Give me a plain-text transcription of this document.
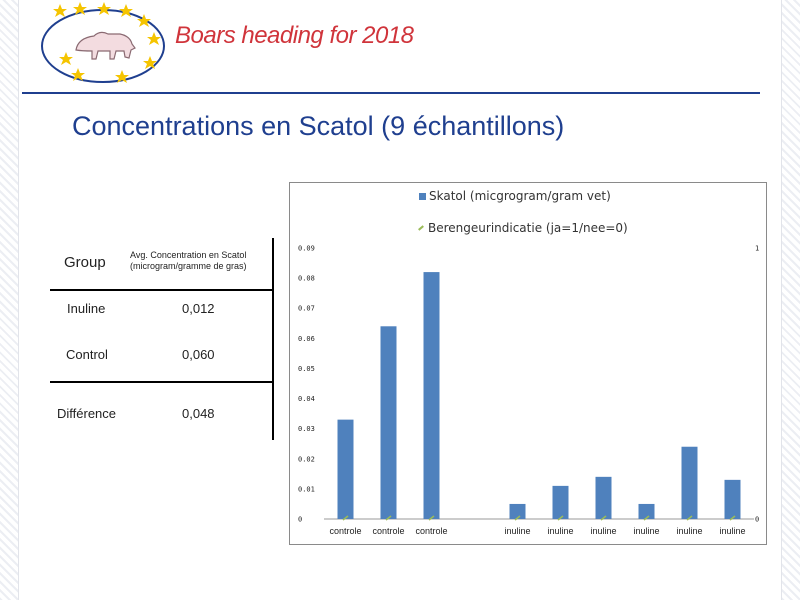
Boars heading for 2018
Concentrations en Scatol (9 échantillons)
Group	Avg. Concentration en Scatol
(microgram/gramme de gras)
Inuline	0,012
Control	0,060
Différence	0,048
Skatol (micgrogram/gram vet)
Berengeurindicatie (ja=1/nee=0)
0
0.01
0.02
0.03
0.04
0.05
0.06
0.07
0.08
0.09
0
1
controle controle controle	inuline inuline inuline inuline inuline inuline
